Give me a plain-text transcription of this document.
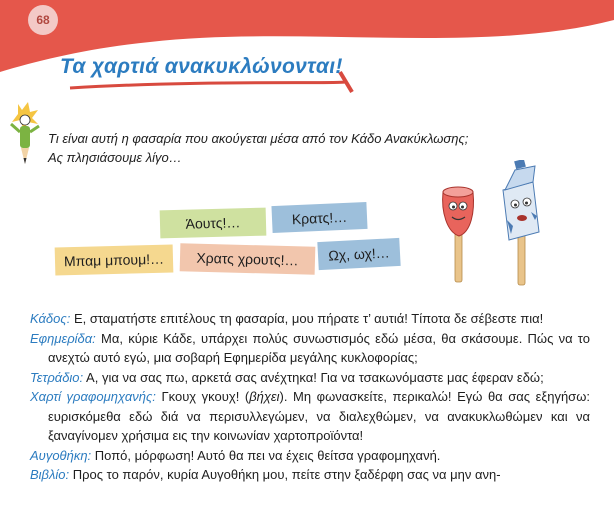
68
Τα χαρτιά ανακυκλώνονται!
Τι είναι αυτή η φασαρία που ακούγεται μέσα από τον Κάδο Ανακύκλωσης;
Ας πλησιάσουμε λίγο…
Άουτς!…	Κρατς!…
Μπαμ μπουμ!…	Χρατς χρουτς!…	Ωχ, ωχ!…

Κάδος: Ε, σταματήστε επιτέλους τη φασαρία, μου πήρατε τ’ αυτιά! Τίποτα δε σέβεστε πια!

Εφημερίδα: Μα, κύριε Κάδε, υπάρχει πολύς συνωστισμός εδώ μέσα, θα σκάσουμε. Πώς να το ανεχτώ αυτό εγώ, μια σοβαρή Εφημερίδα μεγάλης κυκλοφορίας;

Τετράδιο: Α, για να σας πω, αρκετά σας ανέχτηκα! Για να τσακωνόμαστε μας έφεραν εδώ;

Χαρτί γραφομηχανής: Γκουχ γκουχ! (βήχει). Μη φωνασκείτε, περικαλώ! Εγώ θα σας εξηγήσω: ευρισκόμεθα εδώ διά να περισυλλεγώμεν, να διαλεχθώμεν, να ανακυκλωθώμεν και να ξαναγίνομεν χρήσιμα εις την κοινωνίαν χαρτοπροϊόντα!

Αυγοθήκη: Ποπό, μόρφωση! Αυτό θα πει να έχεις θείτσα γραφομηχανή.

Βιβλίο: Προς το παρόν, κυρία Αυγοθήκη μου, πείτε στην ξαδέρφη σας να μην ανη-
